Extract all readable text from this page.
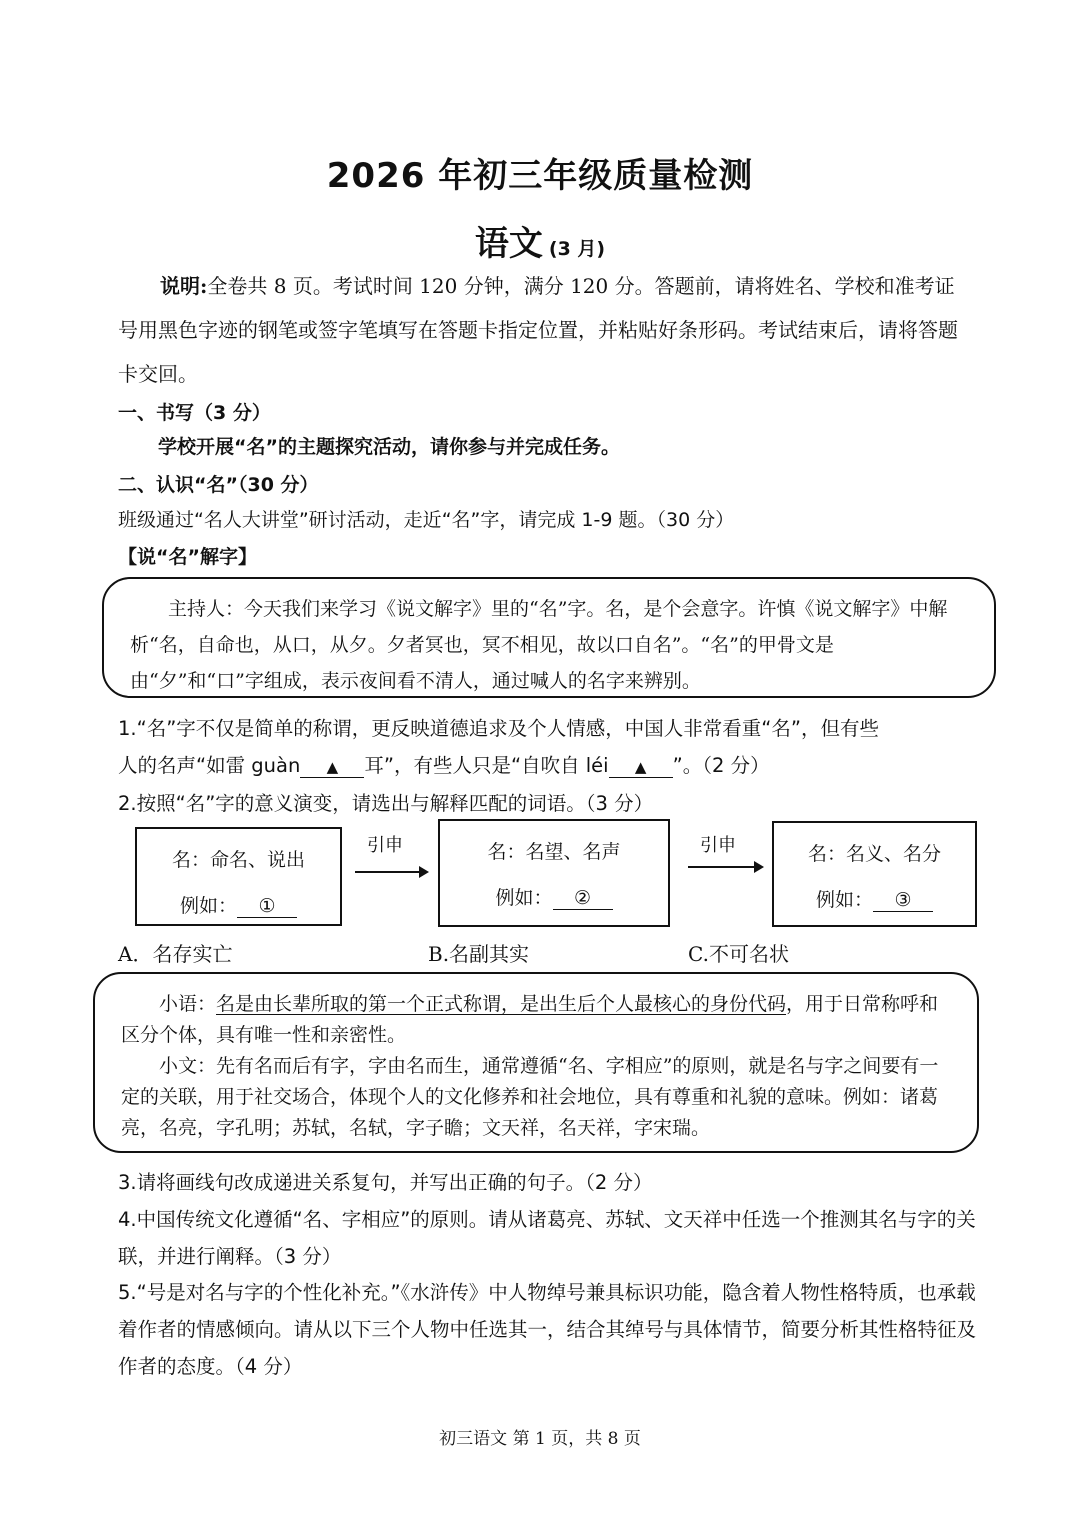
2026 年初三年级质量检测
语文 (3 月)
说明:全卷共 8 页。考试时间 120 分钟，满分 120 分。答题前，请将姓名、学校和准考证号用黑色字迹的钢笔或签字笔填写在答题卡指定位置，并粘贴好条形码。考试结束后，请将答题卡交回。
一、书写（3 分）
学校开展“名”的主题探究活动，请你参与并完成任务。
二、认识“名”（30 分）
班级通过“名人大讲堂”研讨活动，走近“名”字，请完成 1-9 题。（30 分）
【说“名”解字】

主持人：今天我们来学习《说文解字》里的“名”字。名，是个会意字。许慎《说文解字》中解析“名，自命也，从口，从夕。夕者冥也，冥不相见，故以口自名”。“名”的甲骨文是由“夕”和“口”字组成，表示夜间看不清人，通过喊人的名字来辨别。

1.“名”字不仅是简单的称谓，更反映道德追求及个人情感，中国人非常看重“名”，但有些
人的名声“如雷 guàn ▲ 耳”，有些人只是“自吹自 léi ▲ ”。（2 分）
2.按照“名”字的意义演变，请选出与解释匹配的词语。（3 分）
名：命名、说出
例如： ①
引申	名：名望、名声
例如： ②
引申	名：名义、名分
例如： ③
A．名存实亡	B.名副其实	C.不可名状

小语：名是由长辈所取的第一个正式称谓，是出生后个人最核心的身份代码，用于日常称呼和区分个体，具有唯一性和亲密性。

小文：先有名而后有字，字由名而生，通常遵循“名、字相应”的原则，就是名与字之间要有一定的关联，用于社交场合，体现个人的文化修养和社会地位，具有尊重和礼貌的意味。例如：诸葛亮，名亮，字孔明；苏轼，名轼，字子瞻；文天祥，名天祥，字宋瑞。

3.请将画线句改成递进关系复句，并写出正确的句子。（2 分）
4.中国传统文化遵循“名、字相应”的原则。请从诸葛亮、苏轼、文天祥中任选一个推测其名与字的关联，并进行阐释。（3 分）
5.“号是对名与字的个性化补充。”《水浒传》中人物绰号兼具标识功能，隐含着人物性格特质，也承载着作者的情感倾向。请从以下三个人物中任选其一，结合其绰号与具体情节，简要分析其性格特征及作者的态度。（4 分）
初三语文 第 1 页，共 8 页
